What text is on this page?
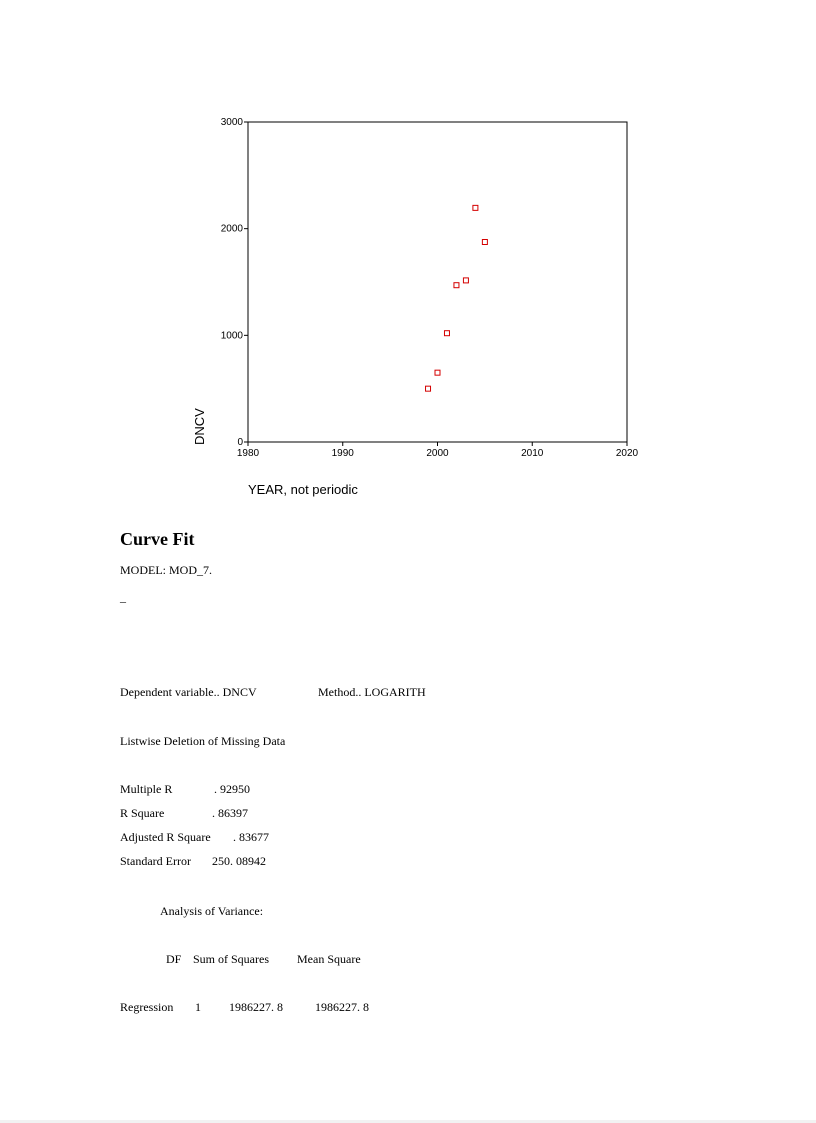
1980	1990	2000	2010	2020
0
1000
2000
3000
DNCV
YEAR, not periodic
Curve Fit
MODEL: MOD_7.
_
Dependent variable.. DNCV	Method.. LOGARITH
Listwise Deletion of Missing Data
Multiple R	. 92950
R Square	. 86397
Adjusted R Square . 83677
Standard Error 250. 08942
Analysis of Variance:
DF Sum of Squares Mean Square
Regression 1 1986227. 8	1986227. 8
